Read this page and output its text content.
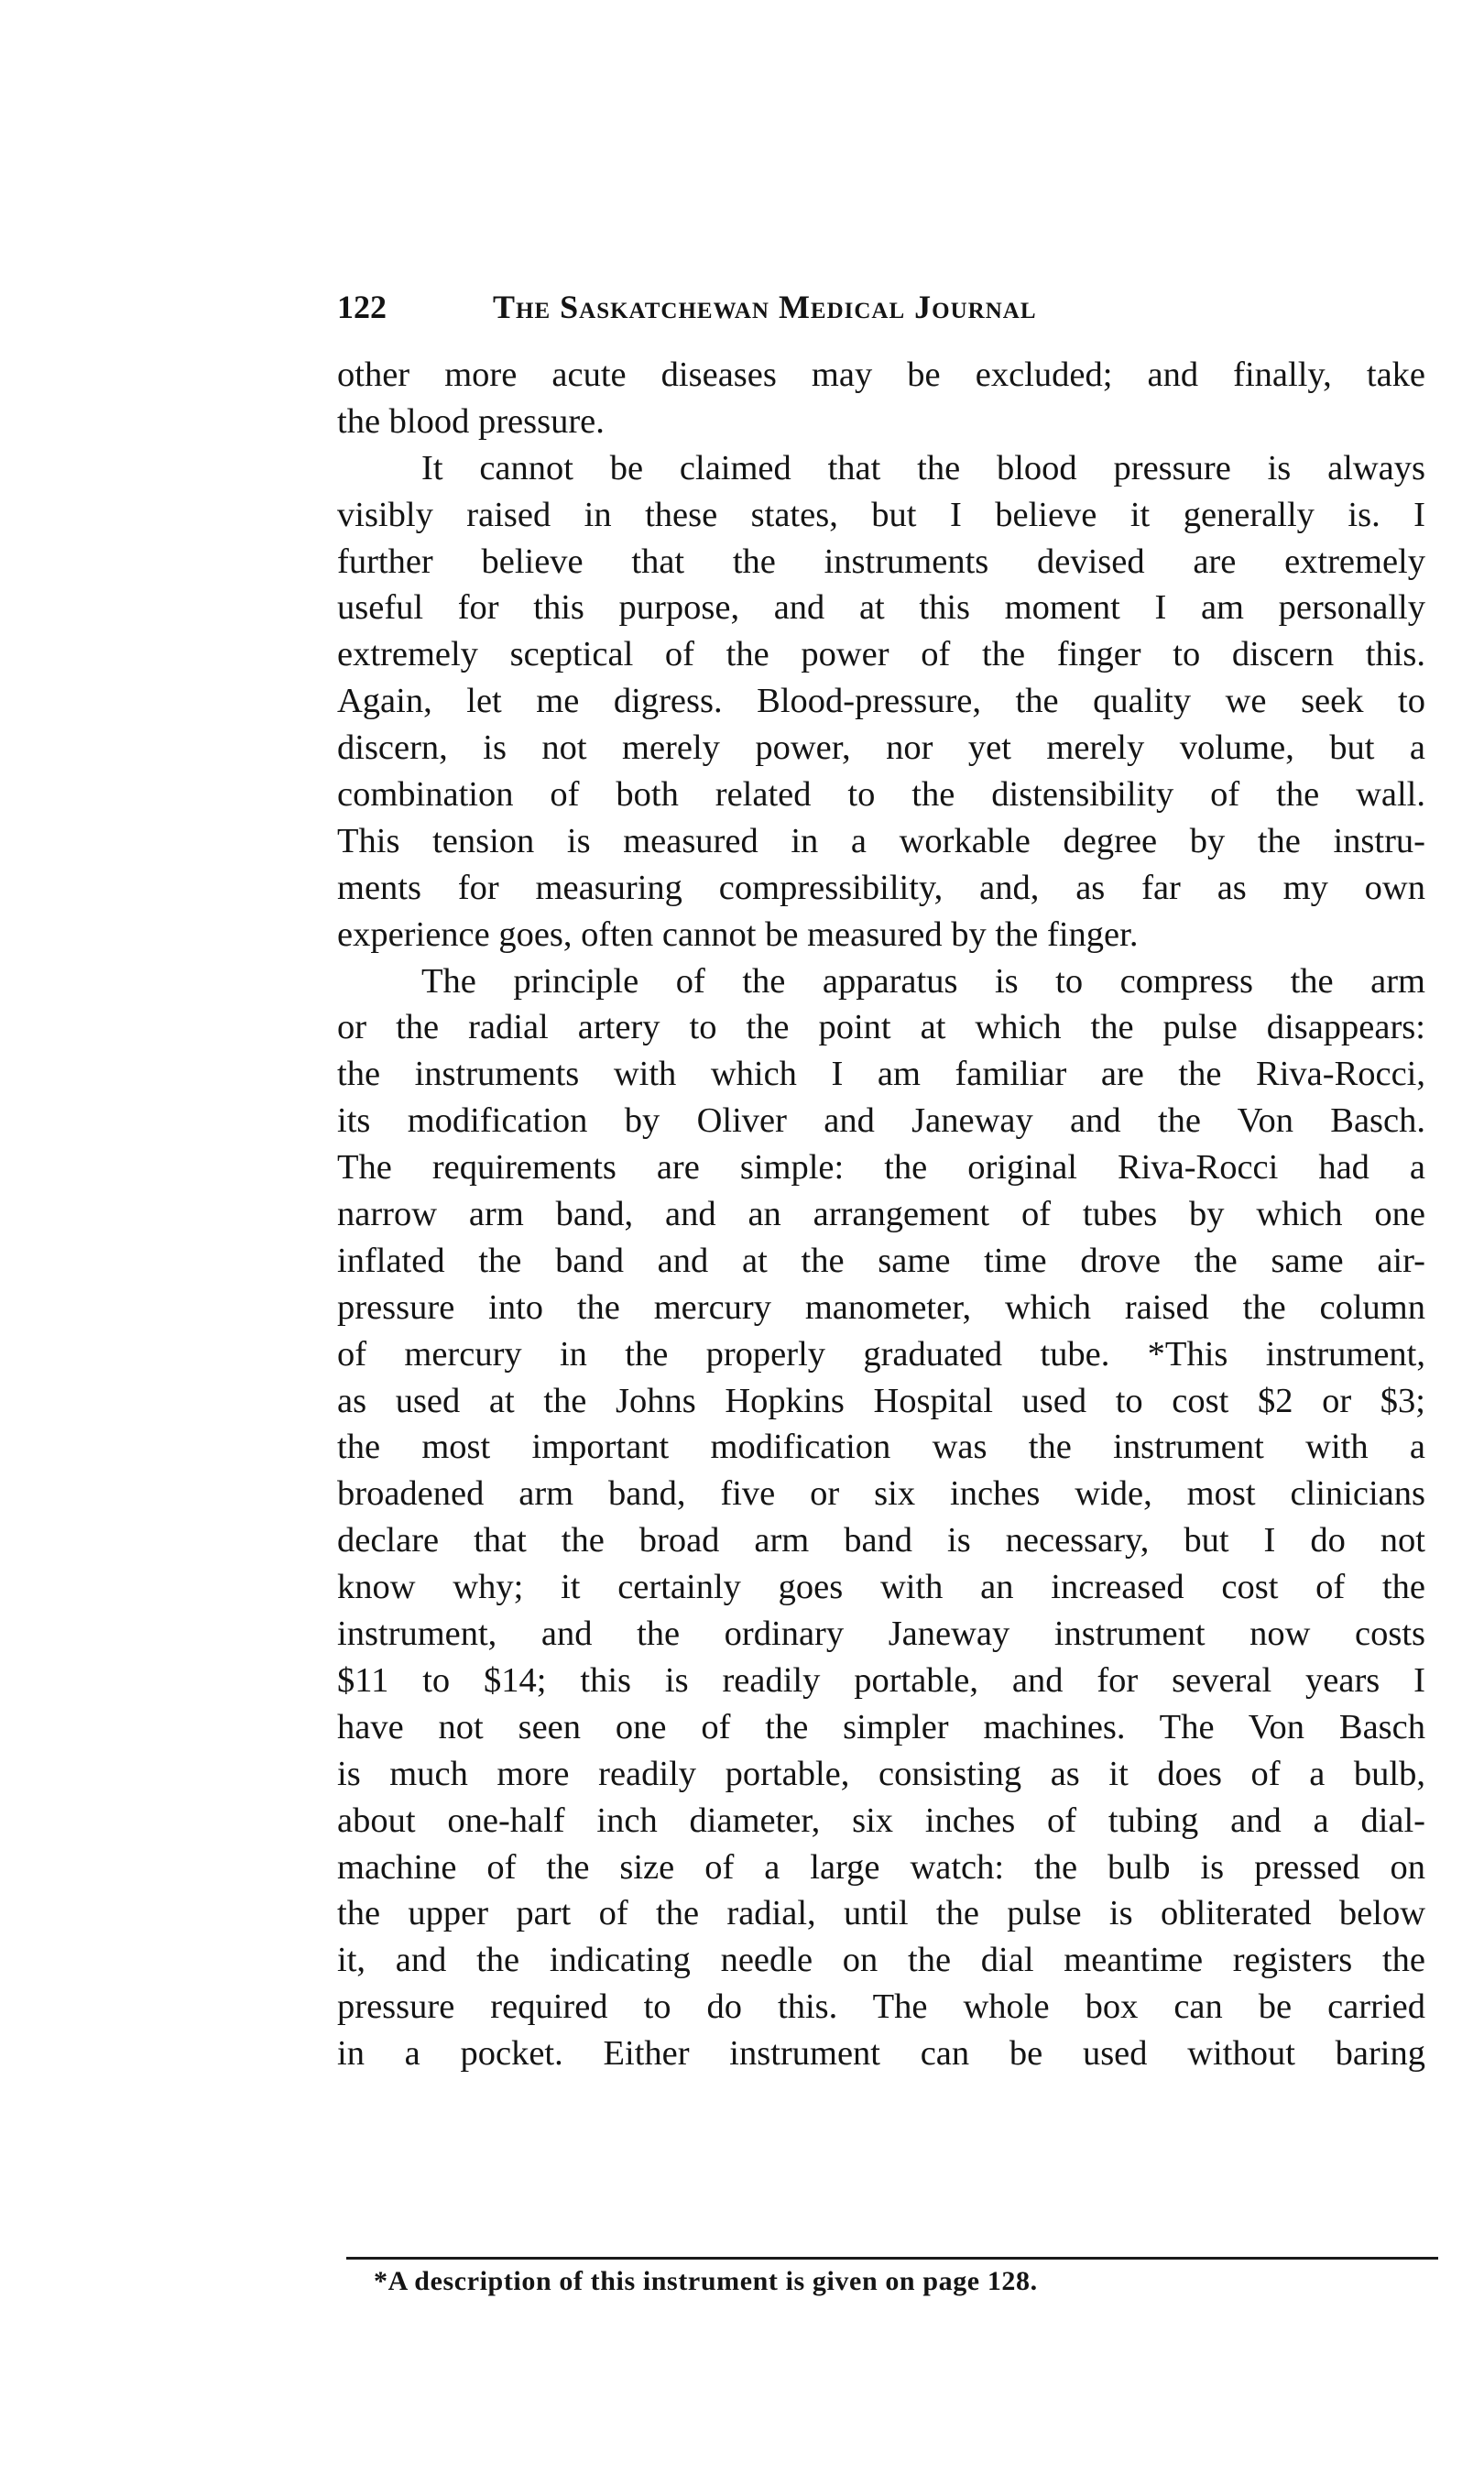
122	The Saskatchewan Medical Journal
other more acute diseases may be excluded; and finally, take
the blood pressure.
It cannot be claimed that the blood pressure is always
visibly raised in these states, but I believe it generally is. I
further believe that the instruments devised are extremely
useful for this purpose, and at this moment I am personally
extremely sceptical of the power of the finger to discern this.
Again, let me digress. Blood-pressure, the quality we seek to
discern, is not merely power, nor yet merely volume, but a
combination of both related to the distensibility of the wall.
This tension is measured in a workable degree by the instru-
ments for measuring compressibility, and, as far as my own
experience goes, often cannot be measured by the finger.
The principle of the apparatus is to compress the arm
or the radial artery to the point at which the pulse disappears:
the instruments with which I am familiar are the Riva-Rocci,
its modification by Oliver and Janeway and the Von Basch.
The requirements are simple: the original Riva-Rocci had a
narrow arm band, and an arrangement of tubes by which one
inflated the band and at the same time drove the same air-
pressure into the mercury manometer, which raised the column
of mercury in the properly graduated tube. *This instrument,
as used at the Johns Hopkins Hospital used to cost $2 or $3;
the most important modification was the instrument with a
broadened arm band, five or six inches wide, most clinicians
declare that the broad arm band is necessary, but I do not
know why; it certainly goes with an increased cost of the
instrument, and the ordinary Janeway instrument now costs
$11 to $14; this is readily portable, and for several years I
have not seen one of the simpler machines. The Von Basch
is much more readily portable, consisting as it does of a bulb,
about one-half inch diameter, six inches of tubing and a dial-
machine of the size of a large watch: the bulb is pressed on
the upper part of the radial, until the pulse is obliterated below
it, and the indicating needle on the dial meantime registers the
pressure required to do this. The whole box can be carried
in a pocket. Either instrument can be used without baring
*A description of this instrument is given on page 128.
